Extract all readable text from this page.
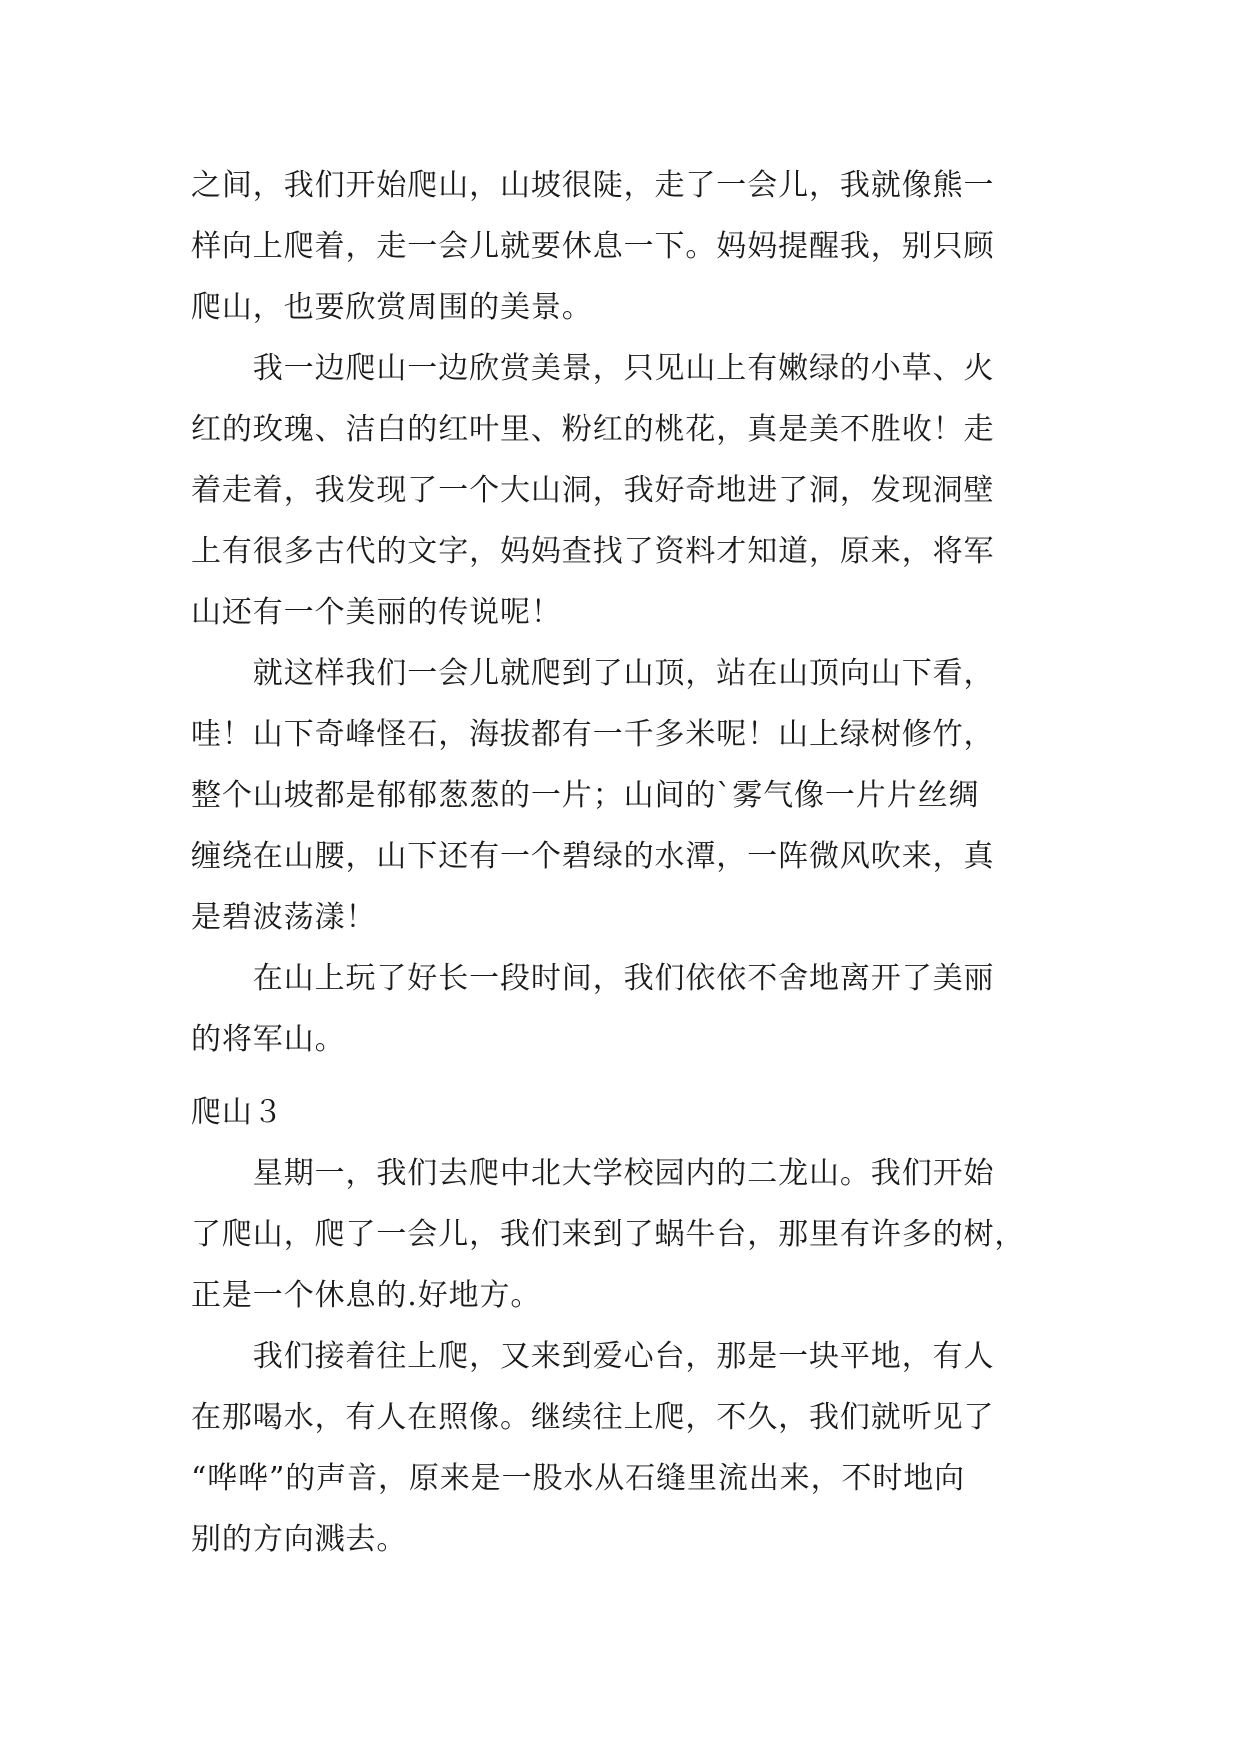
之间，我们开始爬山，山坡很陡，走了一会儿，我就像熊一

样向上爬着，走一会儿就要休息一下。妈妈提醒我，别只顾

爬山，也要欣赏周围的美景。

　　我一边爬山一边欣赏美景，只见山上有嫩绿的小草、火

红的玫瑰、洁白的红叶里、粉红的桃花，真是美不胜收！走

着走着，我发现了一个大山洞，我好奇地进了洞，发现洞壁

上有很多古代的文字，妈妈查找了资料才知道，原来，将军

山还有一个美丽的传说呢！

　　就这样我们一会儿就爬到了山顶，站在山顶向山下看，

哇！山下奇峰怪石，海拔都有一千多米呢！山上绿树修竹，

整个山坡都是郁郁葱葱的一片；山间的`雾气像一片片丝绸

缠绕在山腰，山下还有一个碧绿的水潭，一阵微风吹来，真

是碧波荡漾！

　　在山上玩了好长一段时间，我们依依不舍地离开了美丽

的将军山。

爬山３

　　星期一，我们去爬中北大学校园内的二龙山。我们开始

了爬山，爬了一会儿，我们来到了蜗牛台，那里有许多的树，

正是一个休息的.好地方。

　　我们接着往上爬，又来到爱心台，那是一块平地，有人

在那喝水，有人在照像。继续往上爬，不久，我们就听见了

“哗哗”的声音，原来是一股水从石缝里流出来，不时地向

别的方向溅去。
